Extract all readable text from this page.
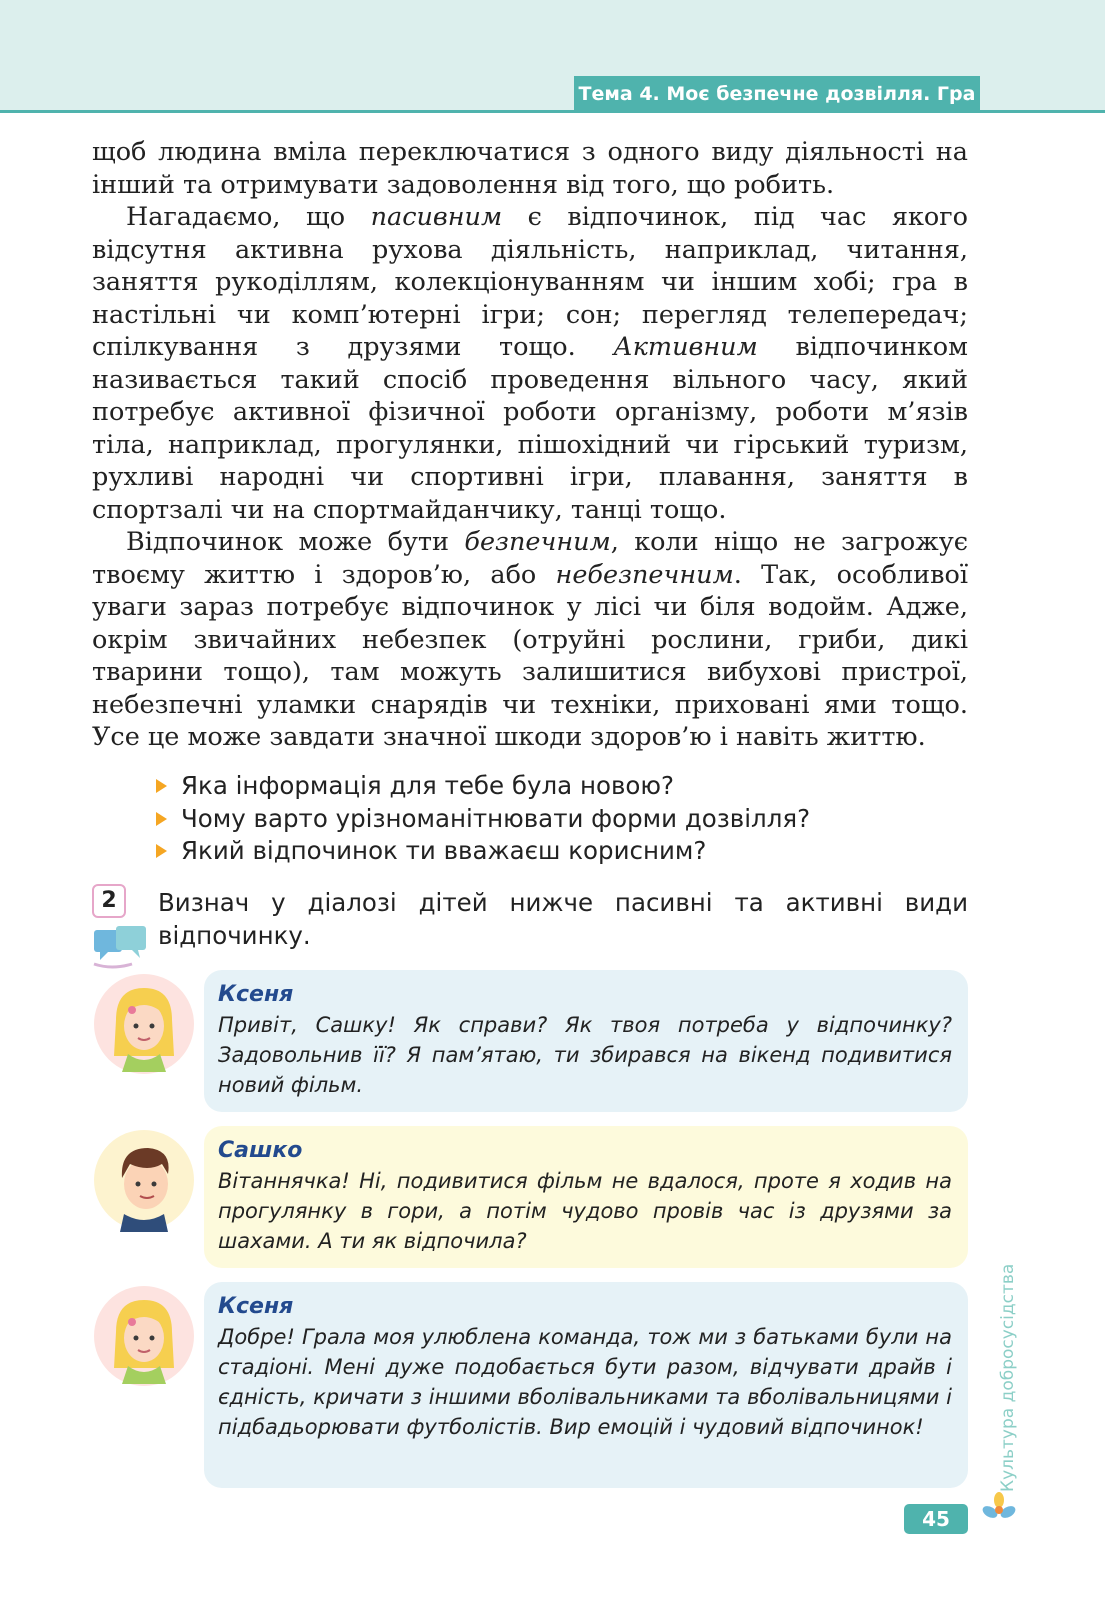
Тема 4. Моє безпечне дозвілля. Гра

щоб людина вміла переключатися з одного виду діяльності на інший та отримувати задоволення від того, що робить.

Нагадаємо, що пасивним є відпочинок, під час якого відсутня активна рухова діяльність, наприклад, читання, заняття рукоділлям, колекціонуванням чи іншим хобі; гра в настільні чи комп’ютерні ігри; сон; перегляд телепередач; спілкування з друзями тощо. Активним відпочинком називається такий спосіб проведення вільного часу, який потребує активної фізичної роботи організму, роботи м’язів тіла, наприклад, прогулянки, пішохідний чи гірський туризм, рухливі народні чи спортивні ігри, плавання, заняття в спортзалі чи на спортмайданчику, танці тощо.

Відпочинок може бути безпечним, коли ніщо не загрожує твоєму життю і здоров’ю, або небезпечним. Так, особливої уваги зараз потребує відпочинок у лісі чи біля водойм. Адже, окрім звичайних небезпек (отруйні рослини, гриби, дикі тварини тощо), там можуть залишитися вибухові пристрої, небезпечні уламки снарядів чи техніки, приховані ями тощо. Усе це може завдати значної шкоди здоров’ю і навіть життю.

Яка інформація для тебе була новою?
Чому варто урізноманітнювати форми дозвілля?
Який відпочинок ти вважаєш корисним?
2	Визнач у діалозі дітей нижче пасивні та активні види відпочинку.

Ксеня

Привіт, Сашку! Як справи? Як твоя потреба у відпочинку? Задовольнив її? Я пам’ятаю, ти збирався на вікенд подивитися новий фільм.

Сашко

Вітаннячка! Ні, подивитися фільм не вдалося, проте я ходив на прогулянку в гори, а потім чудово провів час із друзями за шахами. А ти як відпочила?

Ксеня

Добре! Грала моя улюблена команда, тож ми з батьками були на стадіоні. Мені дуже подобається бути разом, відчувати драйв і єдність, кричати з іншими вболівальниками та вболівальницями і підбадьорювати футболістів. Вир емоцій і чудовий відпочинок!	Культура добросусідства
45
